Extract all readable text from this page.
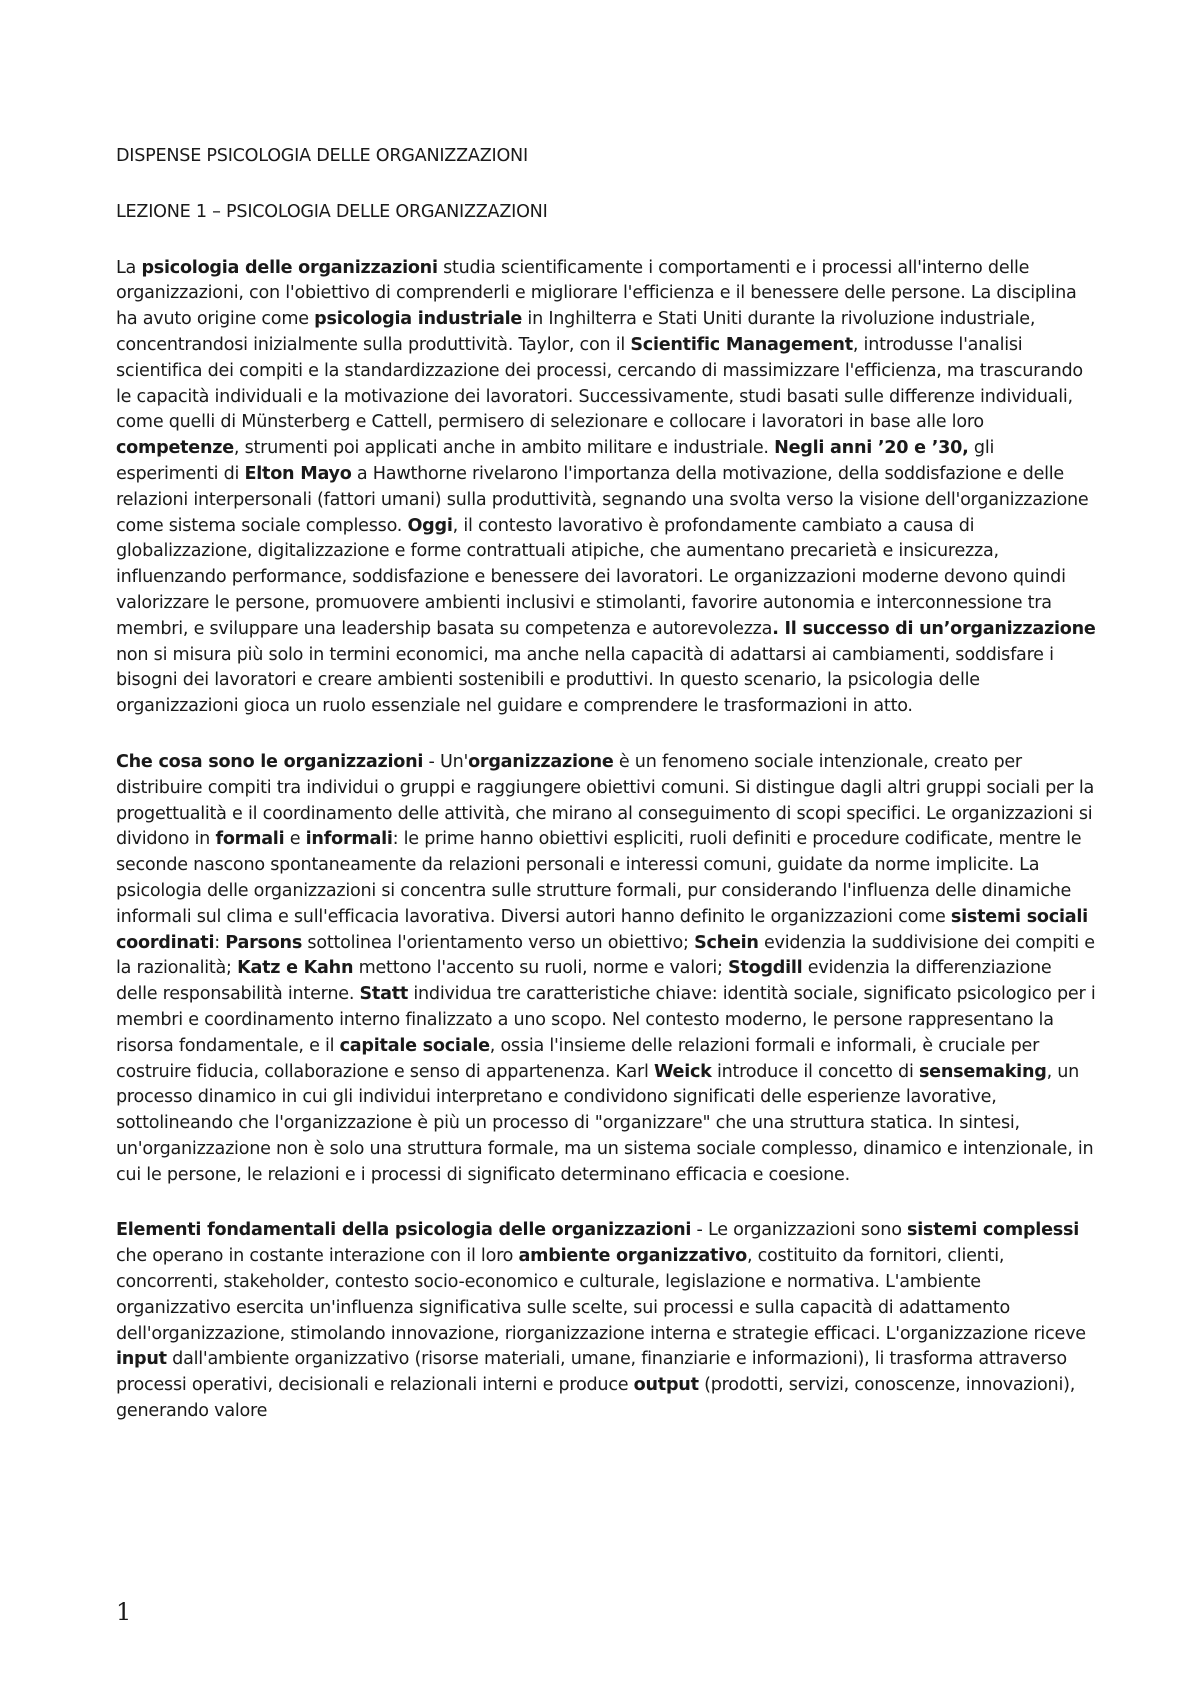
DISPENSE PSICOLOGIA DELLE ORGANIZZAZIONI

LEZIONE 1 – PSICOLOGIA DELLE ORGANIZZAZIONI

La psicologia delle organizzazioni studia scientificamente i comportamenti e i processi all'interno delle organizzazioni, con l'obiettivo di comprenderli e migliorare l'efficienza e il benessere delle persone. La disciplina ha avuto origine come psicologia industriale in Inghilterra e Stati Uniti durante la rivoluzione industriale, concentrandosi inizialmente sulla produttività. Taylor, con il Scientific Management, introdusse l'analisi scientifica dei compiti e la standardizzazione dei processi, cercando di massimizzare l'efficienza, ma trascurando le capacità individuali e la motivazione dei lavoratori. Successivamente, studi basati sulle differenze individuali, come quelli di Münsterberg e Cattell, permisero di selezionare e collocare i lavoratori in base alle loro competenze, strumenti poi applicati anche in ambito militare e industriale. Negli anni ’20 e ’30, gli esperimenti di Elton Mayo a Hawthorne rivelarono l'importanza della motivazione, della soddisfazione e delle relazioni interpersonali (fattori umani) sulla produttività, segnando una svolta verso la visione dell'organizzazione come sistema sociale complesso. Oggi, il contesto lavorativo è profondamente cambiato a causa di globalizzazione, digitalizzazione e forme contrattuali atipiche, che aumentano precarietà e insicurezza, influenzando performance, soddisfazione e benessere dei lavoratori. Le organizzazioni moderne devono quindi valorizzare le persone, promuovere ambienti inclusivi e stimolanti, favorire autonomia e interconnessione tra membri, e sviluppare una leadership basata su competenza e autorevolezza. Il successo di un’organizzazione non si misura più solo in termini economici, ma anche nella capacità di adattarsi ai cambiamenti, soddisfare i bisogni dei lavoratori e creare ambienti sostenibili e produttivi. In questo scenario, la psicologia delle organizzazioni gioca un ruolo essenziale nel guidare e comprendere le trasformazioni in atto.

Che cosa sono le organizzazioni - Un'organizzazione è un fenomeno sociale intenzionale, creato per distribuire compiti tra individui o gruppi e raggiungere obiettivi comuni. Si distingue dagli altri gruppi sociali per la progettualità e il coordinamento delle attività, che mirano al conseguimento di scopi specifici. Le organizzazioni si dividono in formali e informali: le prime hanno obiettivi espliciti, ruoli definiti e procedure codificate, mentre le seconde nascono spontaneamente da relazioni personali e interessi comuni, guidate da norme implicite. La psicologia delle organizzazioni si concentra sulle strutture formali, pur considerando l'influenza delle dinamiche informali sul clima e sull'efficacia lavorativa. Diversi autori hanno definito le organizzazioni come sistemi sociali coordinati: Parsons sottolinea l'orientamento verso un obiettivo; Schein evidenzia la suddivisione dei compiti e la razionalità; Katz e Kahn mettono l'accento su ruoli, norme e valori; Stogdill evidenzia la differenziazione delle responsabilità interne. Statt individua tre caratteristiche chiave: identità sociale, significato psicologico per i membri e coordinamento interno finalizzato a uno scopo. Nel contesto moderno, le persone rappresentano la risorsa fondamentale, e il capitale sociale, ossia l'insieme delle relazioni formali e informali, è cruciale per costruire fiducia, collaborazione e senso di appartenenza. Karl Weick introduce il concetto di sensemaking, un processo dinamico in cui gli individui interpretano e condividono significati delle esperienze lavorative, sottolineando che l'organizzazione è più un processo di "organizzare" che una struttura statica. In sintesi, un'organizzazione non è solo una struttura formale, ma un sistema sociale complesso, dinamico e intenzionale, in cui le persone, le relazioni e i processi di significato determinano efficacia e coesione.

Elementi fondamentali della psicologia delle organizzazioni - Le organizzazioni sono sistemi complessi che operano in costante interazione con il loro ambiente organizzativo, costituito da fornitori, clienti, concorrenti, stakeholder, contesto socio-economico e culturale, legislazione e normativa. L'ambiente organizzativo esercita un'influenza significativa sulle scelte, sui processi e sulla capacità di adattamento dell'organizzazione, stimolando innovazione, riorganizzazione interna e strategie efficaci. L'organizzazione riceve input dall'ambiente organizzativo (risorse materiali, umane, finanziarie e informazioni), li trasforma attraverso processi operativi, decisionali e relazionali interni e produce output (prodotti, servizi, conoscenze, innovazioni), generando valore

1
